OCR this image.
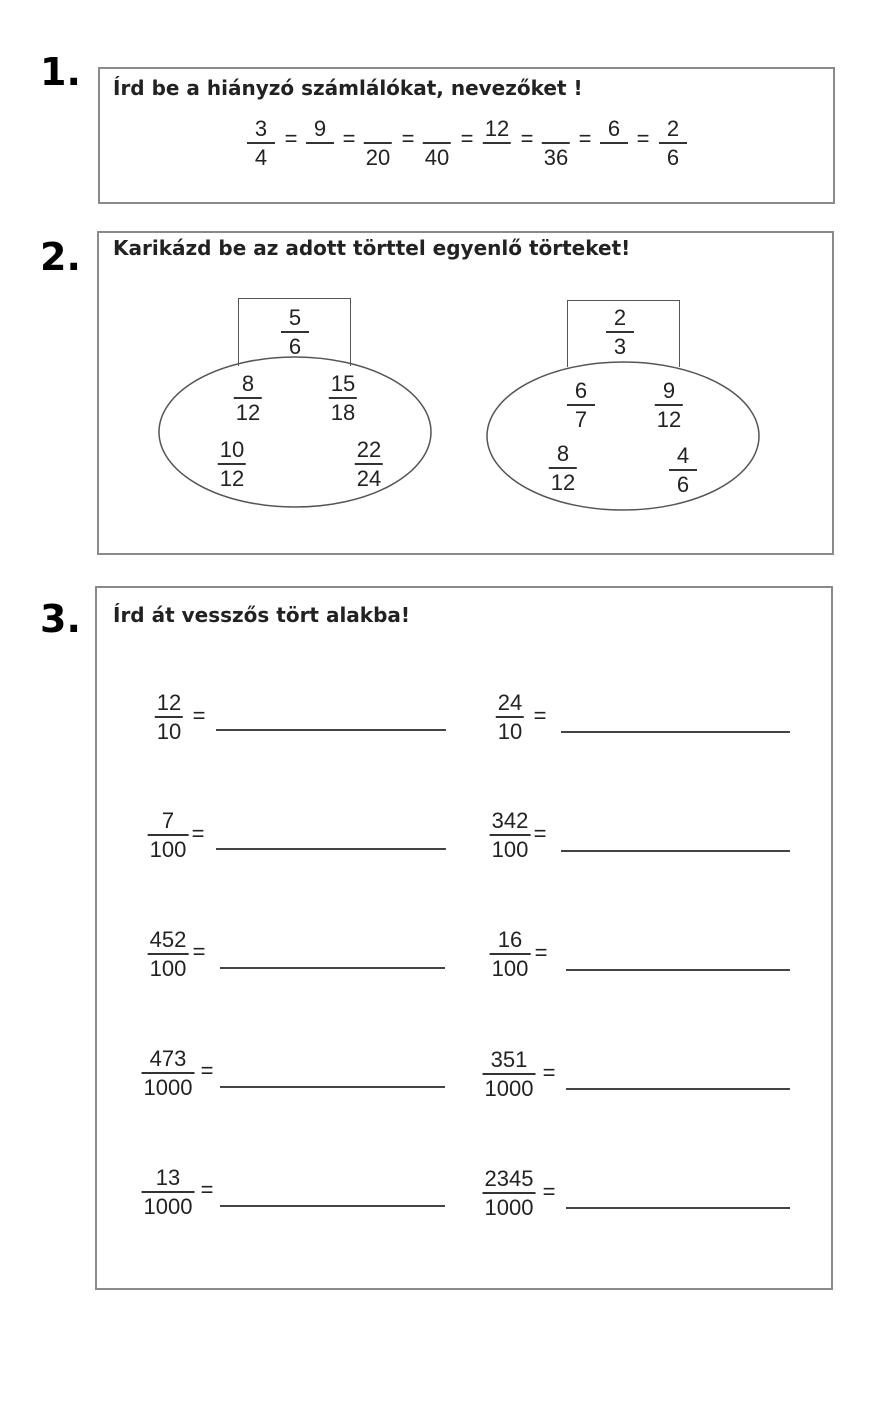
1. Írd be a hiányzó számlálókat, nevezőket !
3
4
= 9 =
20
=
40
= 12 =
36
= 6 = 2
6
2. Karikázd be az adott törttel egyenlő törteket!
5
6
8
12
15
18
10
12
22
24
2
3
6
7
9
12
8
12
4
6
3. Írd át vesszős tört alakba!
12
10
=
24
10
=
7
100
=
342
100
=
452
100
=	16
100
=
473
1000
=	351
1000
=
13
1000
=	2345
1000
=
